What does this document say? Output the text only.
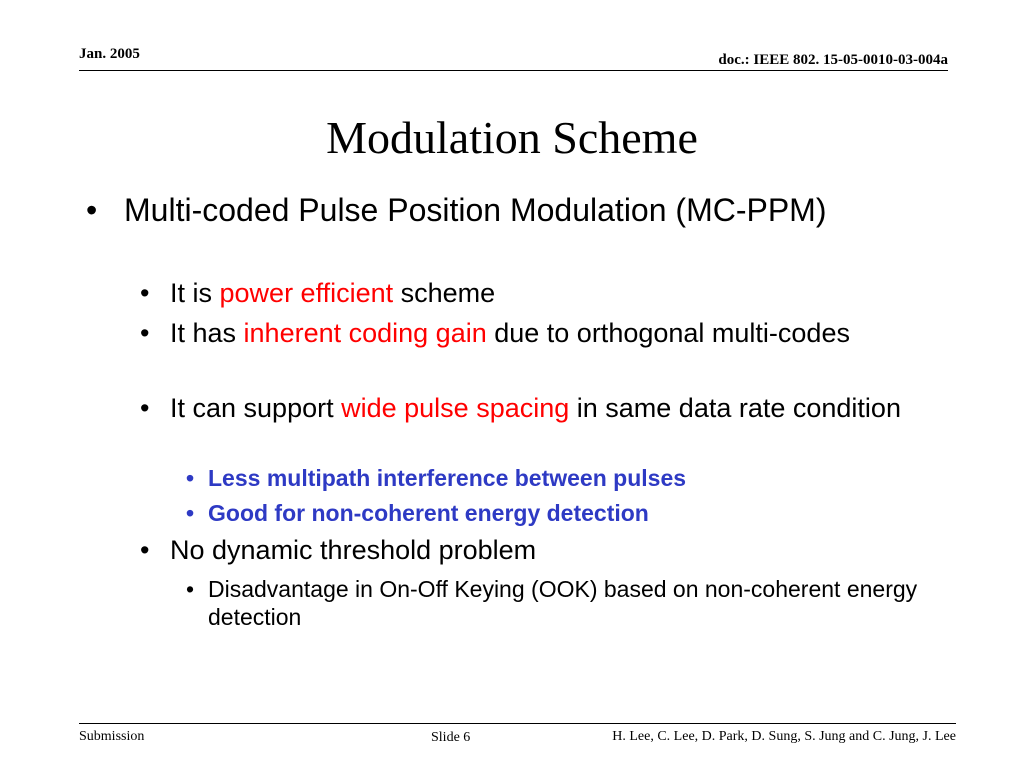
Jan. 2005	doc.: IEEE 802. 15-05-0010-03-004a
Modulation Scheme

• Multi-coded Pulse Position Modulation (MC-PPM)

• It is power efficient scheme

• It has inherent coding gain due to orthogonal multi-codes

• It can support wide pulse spacing in same data rate condition

• Less multipath interference between pulses

• Good for non-coherent energy detection

• No dynamic threshold problem

• Disadvantage in On-Off Keying (OOK) based on non-coherent energy detection

Submission	Slide 6	H. Lee, C. Lee, D. Park, D. Sung, S. Jung and C. Jung, J. Lee
